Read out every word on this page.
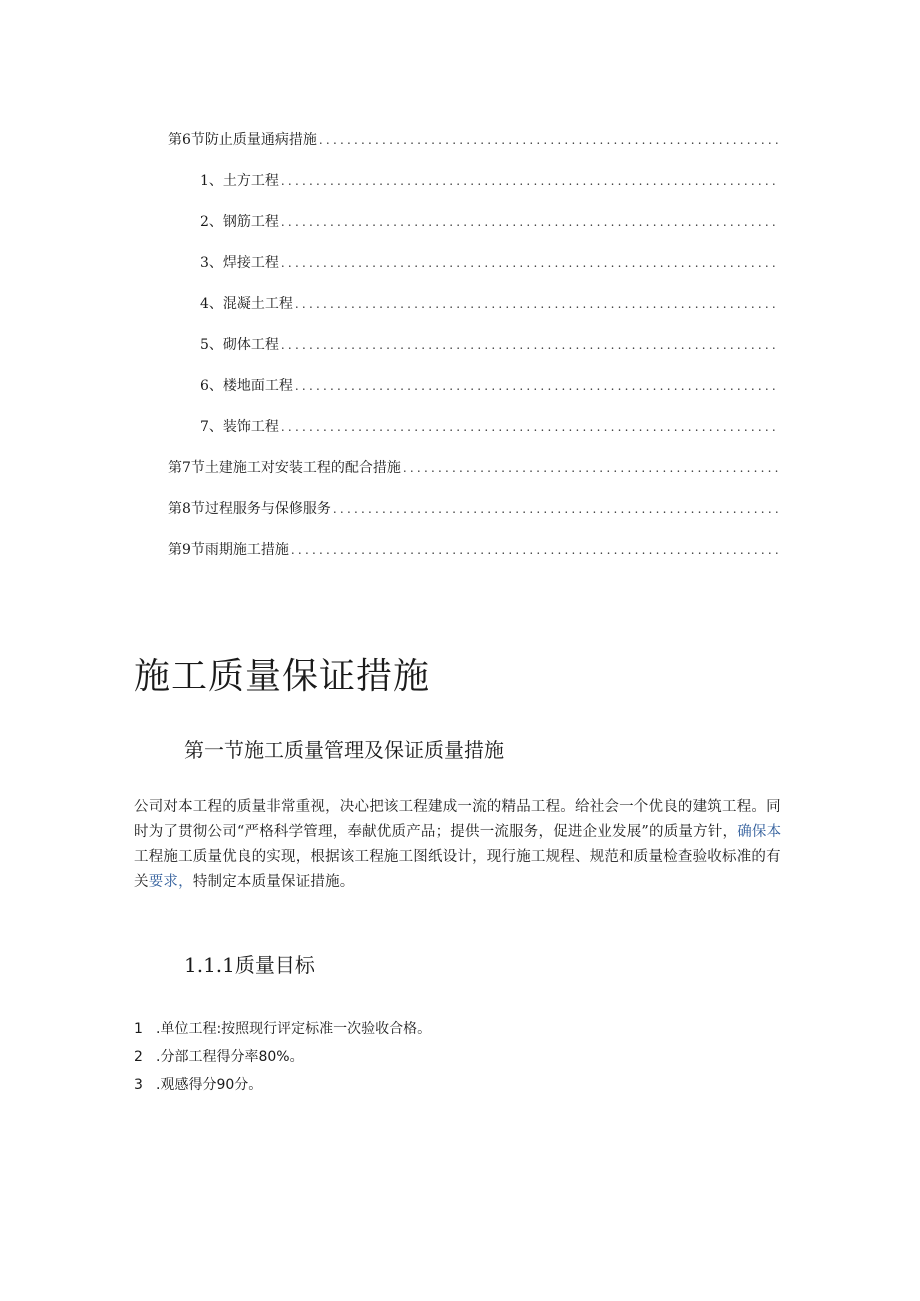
第6节防止质量通病措施
.....
1、土方工程
.....
2、钢筋工程
.....
3、焊接工程
.....
4、混凝土工程
.....
5、砌体工程
.....
6、楼地面工程
.....
7、装饰工程
.....
第7节土建施工对安装工程的配合措施
.....
第8节过程服务与保修服务
.....
第9节雨期施工措施
.....
施工质量保证措施
第一节施工质量管理及保证质量措施

公司对本工程的质量非常重视，决心把该工程建成一流的精品工程。给社会一个优良的建筑工程。同时为了贯彻公司“严格科学管理，奉献优质产品；提供一流服务，促进企业发展”的质量方针，确保本工程施工质量优良的实现，根据该工程施工图纸设计，现行施工规程、规范和质量检查验收标准的有关要求，特制定本质量保证措施。

1.1.1质量目标
1 .单位工程:按照现行评定标准一次验收合格。
2 .分部工程得分率80%。
3 .观感得分90分。
